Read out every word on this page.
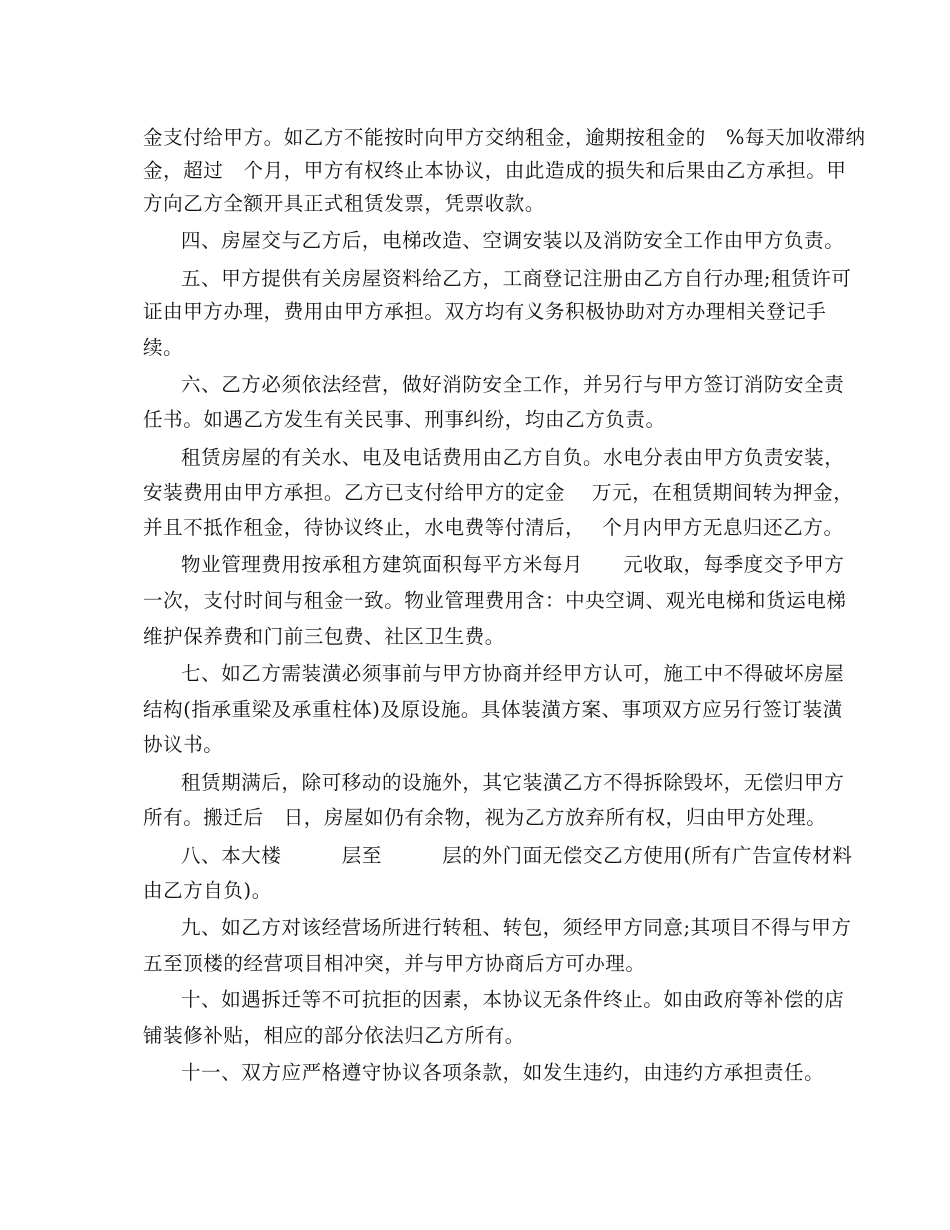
金支付给甲方。如乙方不能按时向甲方交纳租金，逾期按租金的　%每天加收滞纳
金，超过　个月，甲方有权终止本协议，由此造成的损失和后果由乙方承担。甲
方向乙方全额开具正式租赁发票，凭票收款。
四、房屋交与乙方后，电梯改造、空调安装以及消防安全工作由甲方负责。
五、甲方提供有关房屋资料给乙方，工商登记注册由乙方自行办理;租赁许可
证由甲方办理，费用由甲方承担。双方均有义务积极协助对方办理相关登记手
续。
六、乙方必须依法经营，做好消防安全工作，并另行与甲方签订消防安全责
任书。如遇乙方发生有关民事、刑事纠纷，均由乙方负责。
租赁房屋的有关水、电及电话费用由乙方自负。水电分表由甲方负责安装，
安装费用由甲方承担。乙方已支付给甲方的定金　 万元，在租赁期间转为押金，
并且不抵作租金，待协议终止，水电费等付清后，　 个月内甲方无息归还乙方。
物业管理费用按承租方建筑面积每平方米每月　　元收取，每季度交予甲方
一次，支付时间与租金一致。物业管理费用含：中央空调、观光电梯和货运电梯
维护保养费和门前三包费、社区卫生费。
七、如乙方需装潢必须事前与甲方协商并经甲方认可，施工中不得破坏房屋
结构(指承重梁及承重柱体)及原设施。具体装潢方案、事项双方应另行签订装潢
协议书。
租赁期满后，除可移动的设施外，其它装潢乙方不得拆除毁坏，无偿归甲方
所有。搬迁后　日，房屋如仍有余物，视为乙方放弃所有权，归由甲方处理。
八、本大楼　　　层至　　　层的外门面无偿交乙方使用(所有广告宣传材料
由乙方自负)。
九、如乙方对该经营场所进行转租、转包，须经甲方同意;其项目不得与甲方
五至顶楼的经营项目相冲突，并与甲方协商后方可办理。
十、如遇拆迁等不可抗拒的因素，本协议无条件终止。如由政府等补偿的店
铺装修补贴，相应的部分依法归乙方所有。
十一、双方应严格遵守协议各项条款，如发生违约，由违约方承担责任。
